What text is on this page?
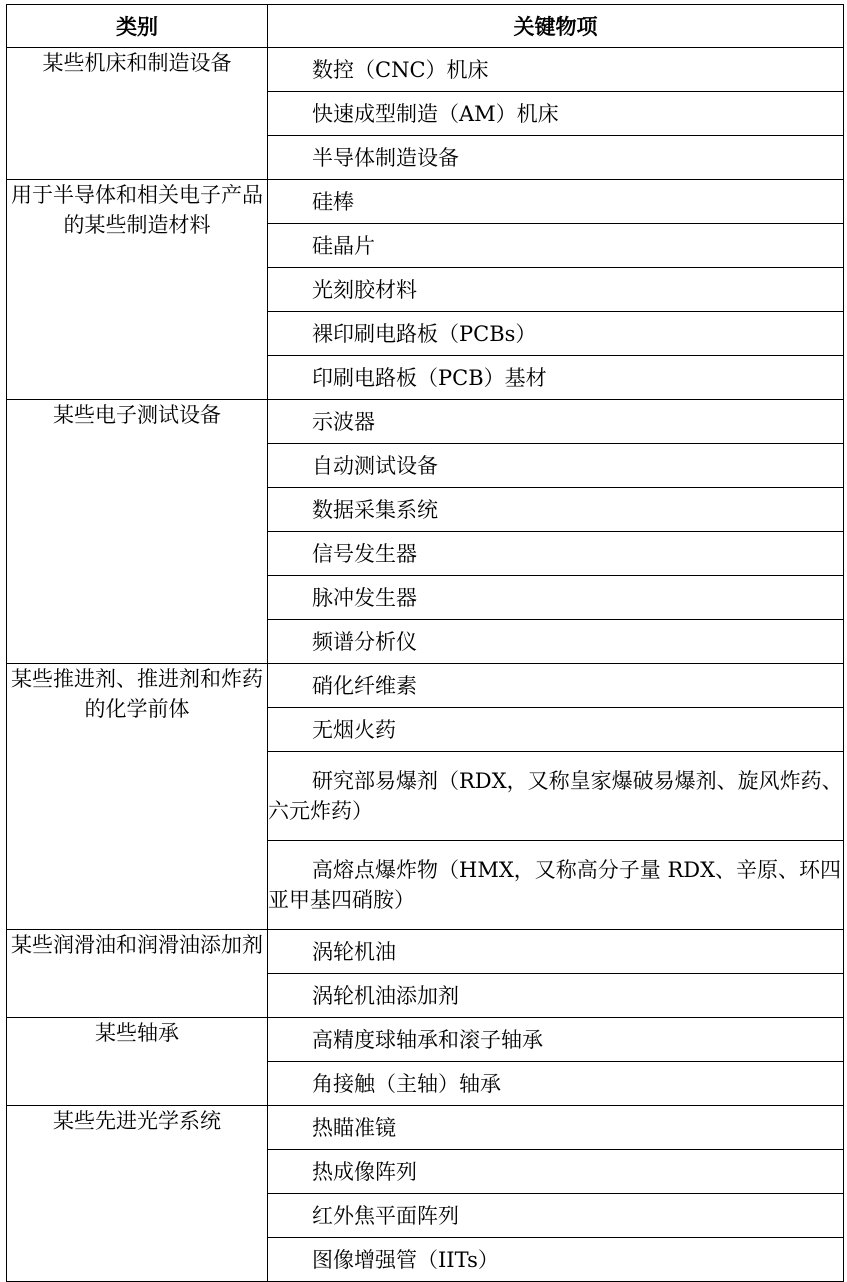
类别	关键物项
某些机床和制造设备	数控（CNC）机床
	快速成型制造（AM）机床
	半导体制造设备
用于半导体和相关电子产品的某些制造材料	硅棒
	硅晶片
	光刻胶材料
	裸印刷电路板（PCBs）
	印刷电路板（PCB）基材
某些电子测试设备	示波器
	自动测试设备
	数据采集系统
	信号发生器
	脉冲发生器
	频谱分析仪
某些推进剂、推进剂和炸药的化学前体	硝化纤维素
	无烟火药
	研究部易爆剂（RDX，又称皇家爆破易爆剂、旋风炸药、六元炸药）
	高熔点爆炸物（HMX，又称高分子量 RDX、辛原、环四亚甲基四硝胺）
某些润滑油和润滑油添加剂	涡轮机油
	涡轮机油添加剂
某些轴承	高精度球轴承和滚子轴承
	角接触（主轴）轴承
某些先进光学系统	热瞄准镜
	热成像阵列
	红外焦平面阵列
	图像增强管（IITs）
